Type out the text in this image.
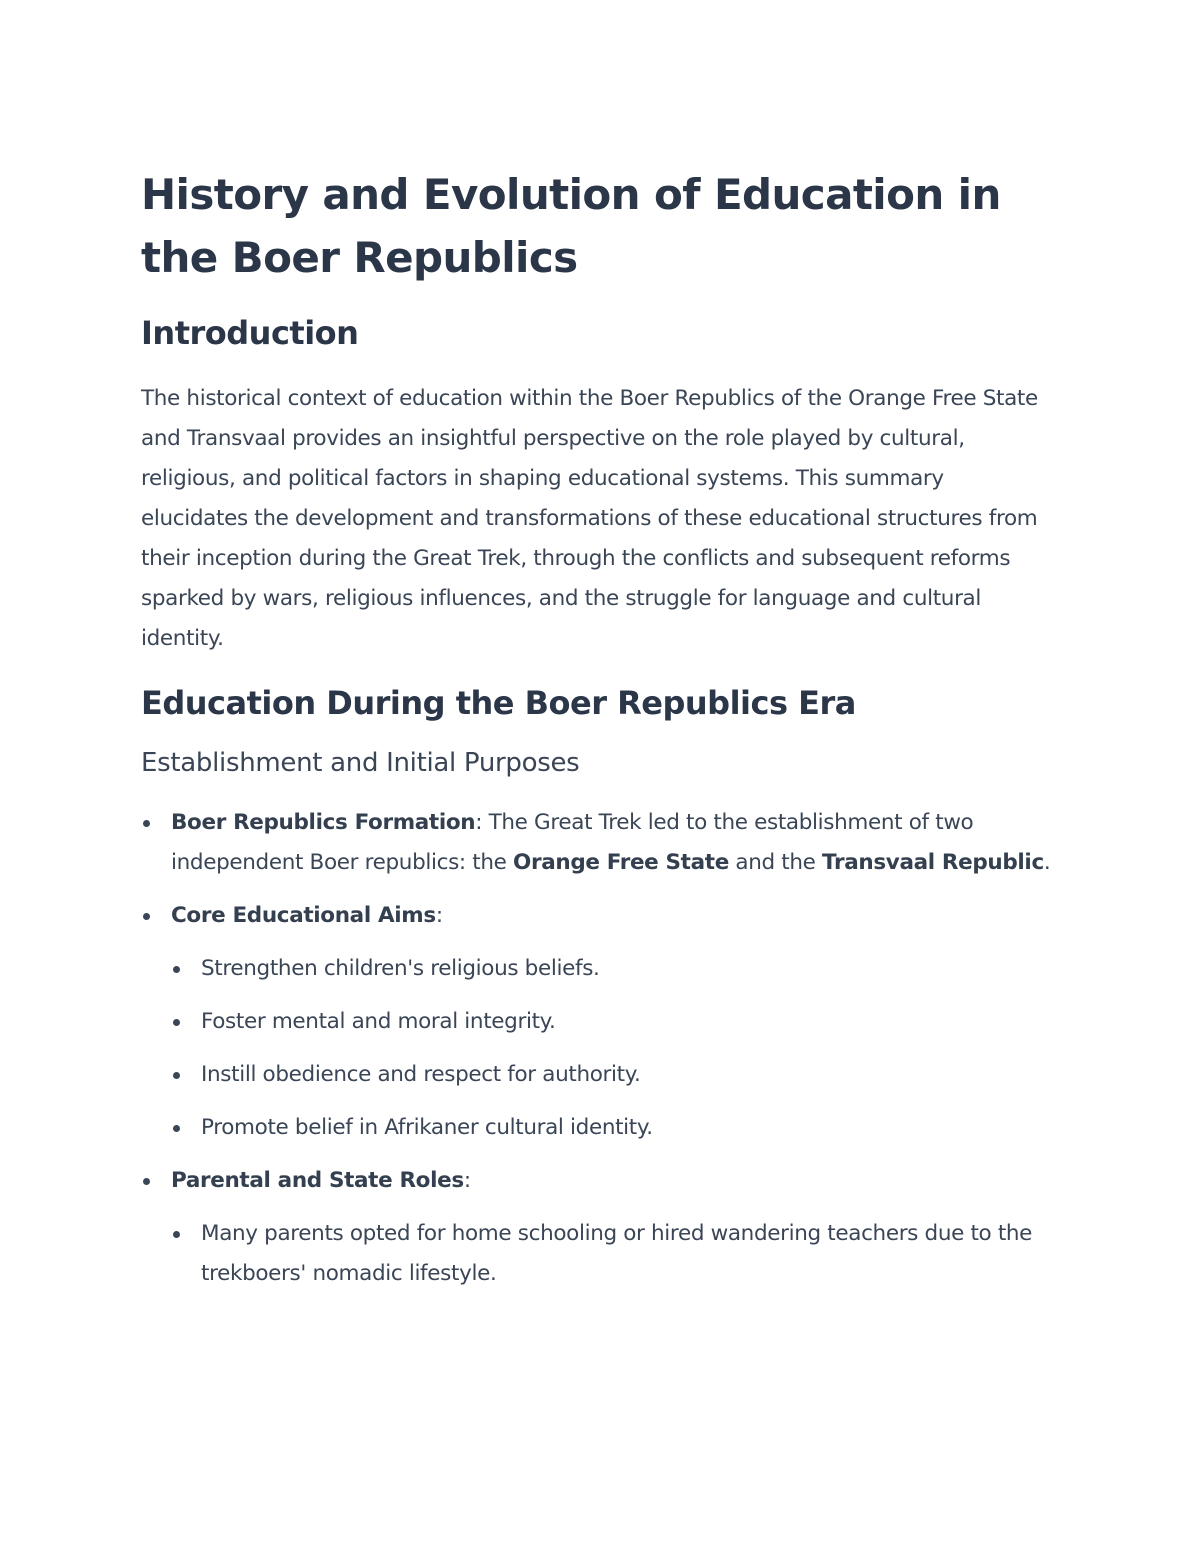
History and Evolution of Education in the Boer Republics
Introduction

The historical context of education within the Boer Republics of the Orange Free State and Transvaal provides an insightful perspective on the role played by cultural, religious, and political factors in shaping educational systems. This summary elucidates the development and transformations of these educational structures from their inception during the Great Trek, through the conflicts and subsequent reforms sparked by wars, religious influences, and the struggle for language and cultural identity.

Education During the Boer Republics Era
Establishment and Initial Purposes
Boer Republics Formation: The Great Trek led to the establishment of two independent Boer republics: the Orange Free State and the Transvaal Republic.
Core Educational Aims:
Strengthen children's religious beliefs.
Foster mental and moral integrity.
Instill obedience and respect for authority.
Promote belief in Afrikaner cultural identity.
Parental and State Roles:
Many parents opted for home schooling or hired wandering teachers due to the trekboers' nomadic lifestyle.
